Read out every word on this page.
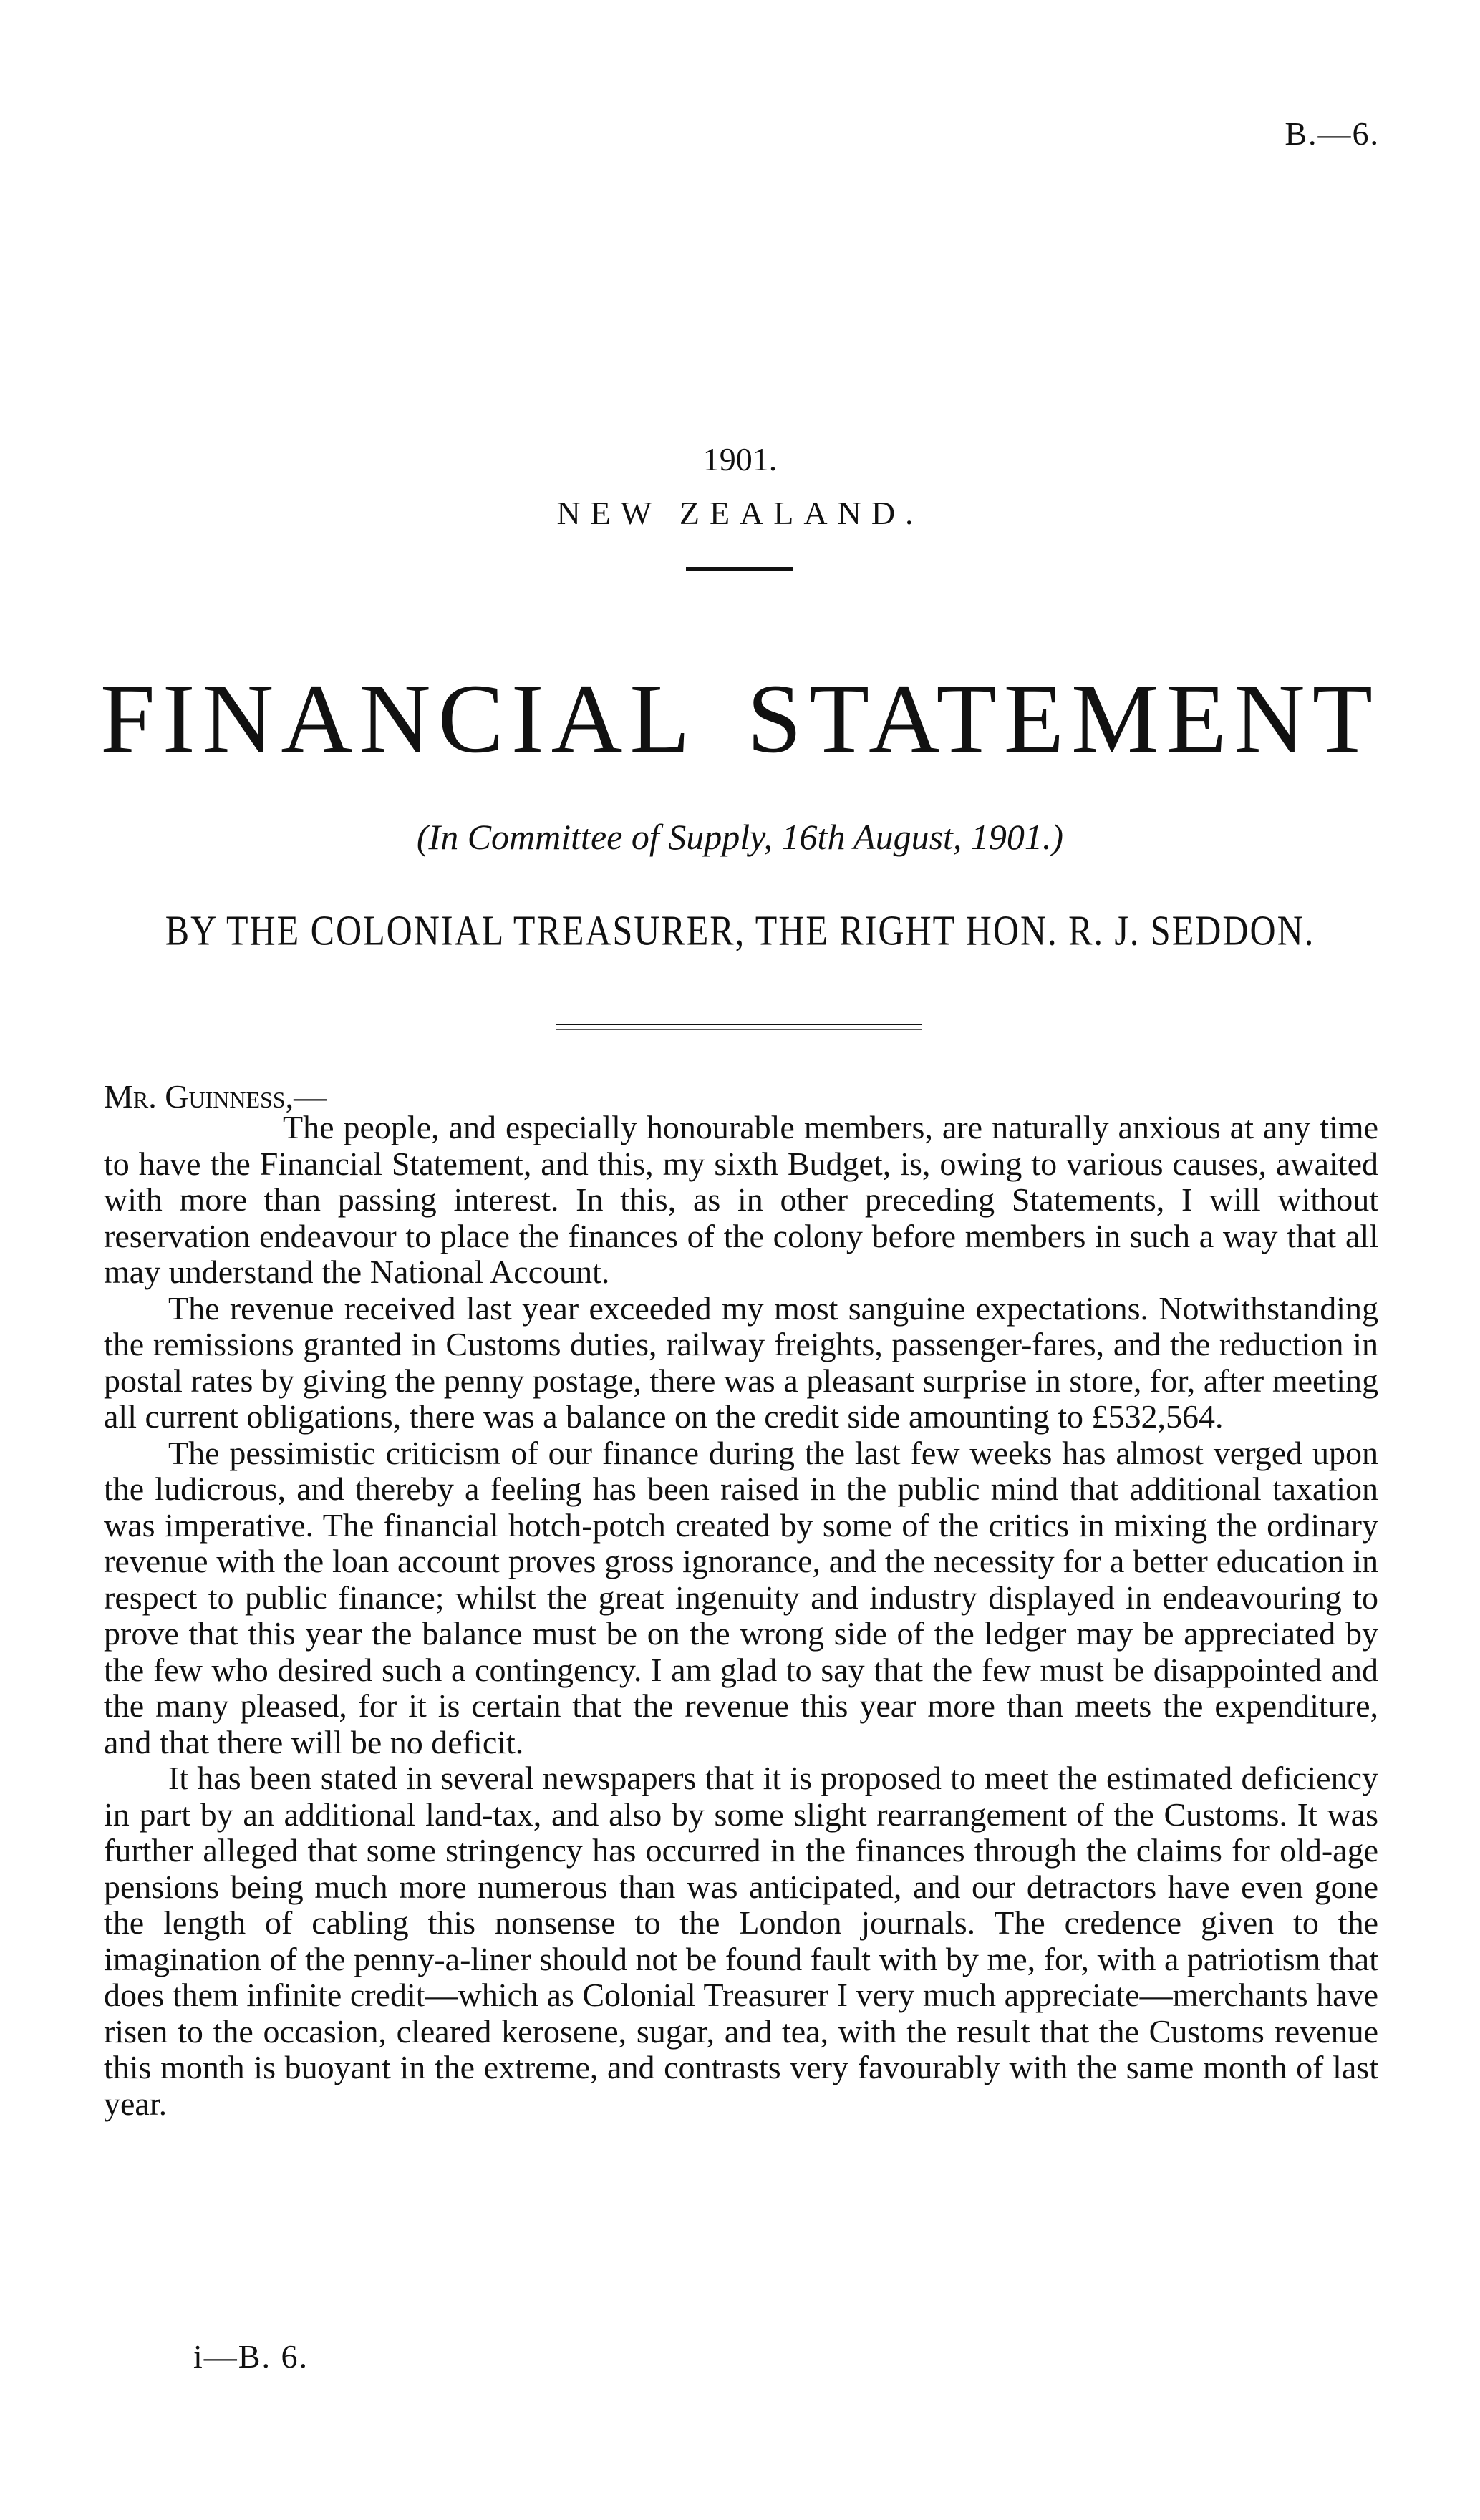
B.—6.
1901.
NEW ZEALAND.
FINANCIAL STATEMENT
(In Committee of Supply, 16th August, 1901.)
BY THE COLONIAL TREASURER, THE RIGHT HON. R. J. SEDDON.
Mr. Guinness,—

The people, and especially honourable members, are naturally anxious at any time to have the Financial Statement, and this, my sixth Budget, is, owing to various causes, awaited with more than passing interest. In this, as in other preceding Statements, I will without reservation endeavour to place the finances of the colony before members in such a way that all may understand the National Account.

The revenue received last year exceeded my most sanguine expectations. Notwithstanding the remissions granted in Customs duties, railway freights, passenger-fares, and the reduction in postal rates by giving the penny postage, there was a pleasant surprise in store, for, after meeting all current obligations, there was a balance on the credit side amounting to £532,564.

The pessimistic criticism of our finance during the last few weeks has almost verged upon the ludicrous, and thereby a feeling has been raised in the public mind that additional taxation was imperative. The financial hotch-potch created by some of the critics in mixing the ordinary revenue with the loan account proves gross ignorance, and the necessity for a better education in respect to public finance; whilst the great ingenuity and industry displayed in endeavouring to prove that this year the balance must be on the wrong side of the ledger may be appreciated by the few who desired such a contingency. I am glad to say that the few must be disappointed and the many pleased, for it is certain that the revenue this year more than meets the expenditure, and that there will be no deficit.

It has been stated in several newspapers that it is proposed to meet the estimated deficiency in part by an additional land-tax, and also by some slight rearrangement of the Customs. It was further alleged that some stringency has occurred in the finances through the claims for old-age pensions being much more numerous than was anticipated, and our detractors have even gone the length of cabling this nonsense to the London journals. The credence given to the imagination of the penny-a-liner should not be found fault with by me, for, with a patriotism that does them infinite credit—which as Colonial Treasurer I very much appreciate—merchants have risen to the occasion, cleared kerosene, sugar, and tea, with the result that the Customs revenue this month is buoyant in the extreme, and contrasts very favourably with the same month of last year.

i—B. 6.
